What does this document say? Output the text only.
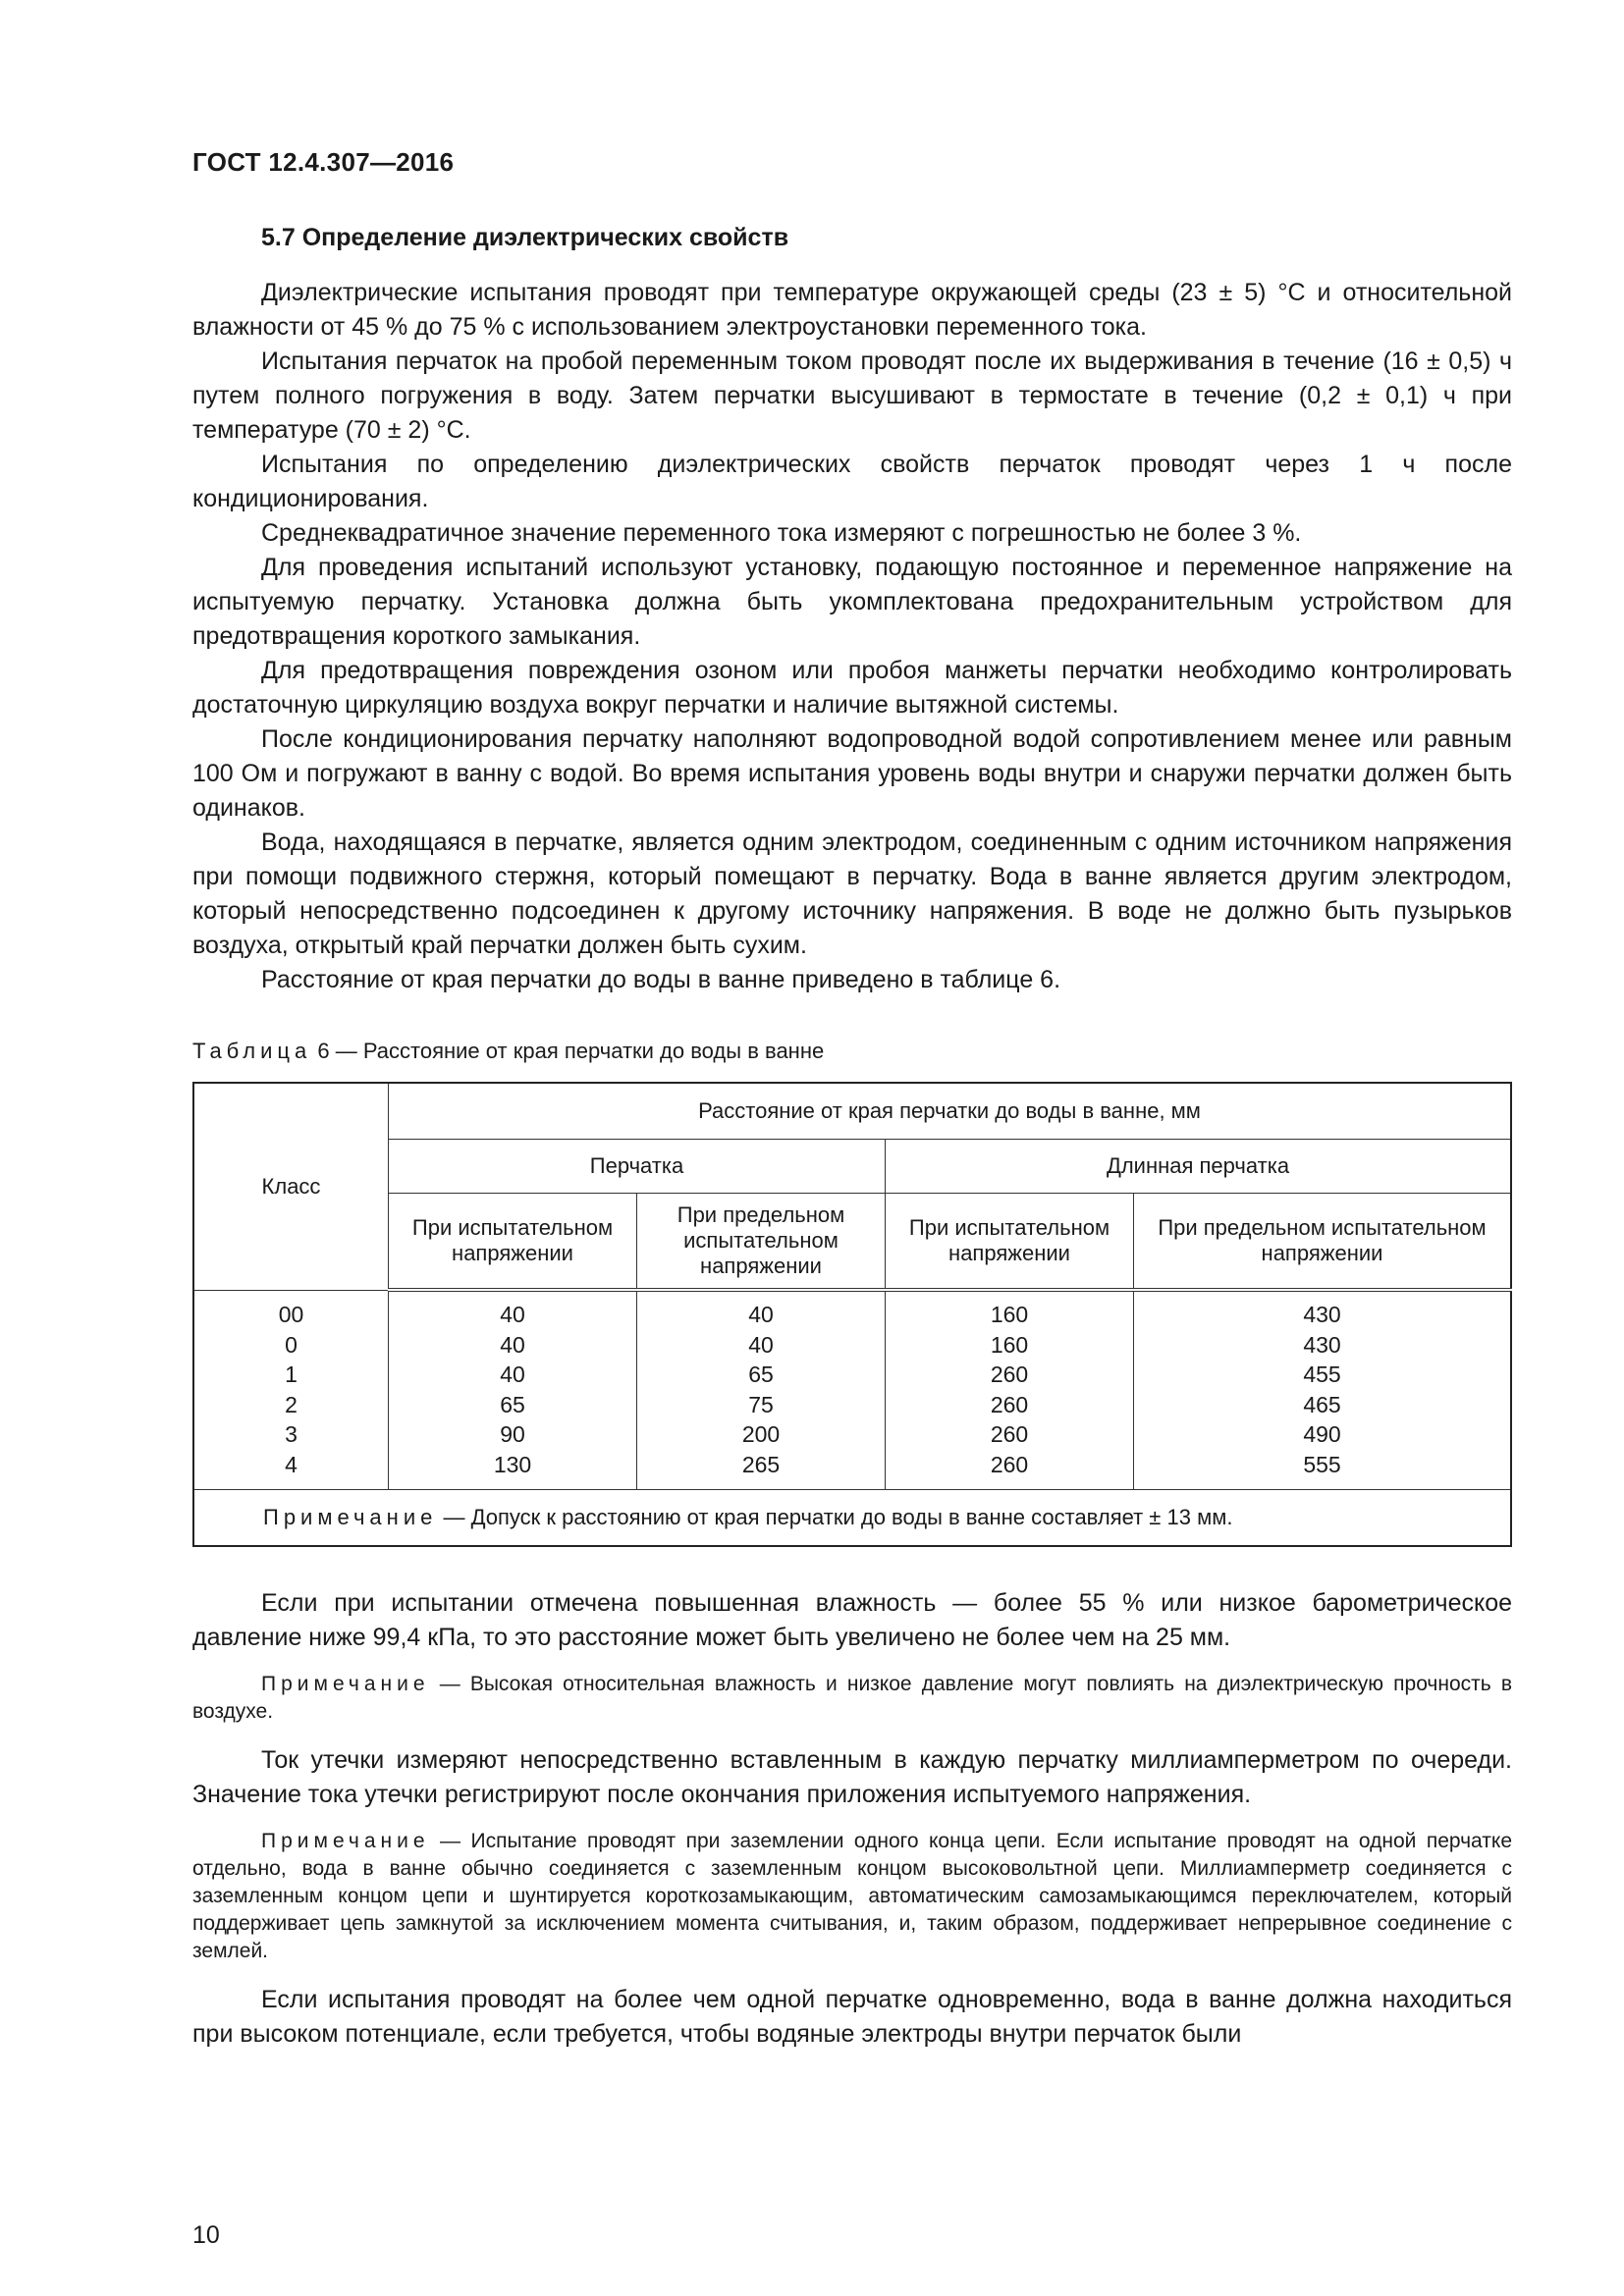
ГОСТ 12.4.307—2016
5.7 Определение диэлектрических свойств

Диэлектрические испытания проводят при температуре окружающей среды (23 ± 5) °С и относительной влажности от 45 % до 75 % с использованием электроустановки переменного тока.

Испытания перчаток на пробой переменным током проводят после их выдерживания в течение (16 ± 0,5) ч путем полного погружения в воду. Затем перчатки высушивают в термостате в течение (0,2 ± 0,1) ч при температуре (70 ± 2) °С.

Испытания по определению диэлектрических свойств перчаток проводят через 1 ч после кондиционирования.

Среднеквадратичное значение переменного тока измеряют с погрешностью не более 3 %.

Для проведения испытаний используют установку, подающую постоянное и переменное напряжение на испытуемую перчатку. Установка должна быть укомплектована предохранительным устройством для предотвращения короткого замыкания.

Для предотвращения повреждения озоном или пробоя манжеты перчатки необходимо контролировать достаточную циркуляцию воздуха вокруг перчатки и наличие вытяжной системы.

После кондиционирования перчатку наполняют водопроводной водой сопротивлением менее или равным 100 Ом и погружают в ванну с водой. Во время испытания уровень воды внутри и снаружи перчатки должен быть одинаков.

Вода, находящаяся в перчатке, является одним электродом, соединенным с одним источником напряжения при помощи подвижного стержня, который помещают в перчатку. Вода в ванне является другим электродом, который непосредственно подсоединен к другому источнику напряжения. В воде не должно быть пузырьков воздуха, открытый край перчатки должен быть сухим.

Расстояние от края перчатки до воды в ванне приведено в таблице 6.

Таблица 6 — Расстояние от края перчатки до воды в ванне
Класс	Расстояние от края перчатки до воды в ванне, мм			
	Перчатка		Длинная перчатка	
	При испытательном напряжении	При предельном испытательном напряжении	При испытательном напряжении	При предельном испытательном напряжении
00	40	40	160	430
0	40	40	160	430
1	40	65	260	455
2	65	75	260	465
3	90	200	260	490
4	130	265	260	555
Примечание — Допуск к расстоянию от края перчатки до воды в ванне составляет ± 13 мм.				

Если при испытании отмечена повышенная влажность — более 55 % или низкое барометрическое давление ниже 99,4 кПа, то это расстояние может быть увеличено не более чем на 25 мм.

Примечание — Высокая относительная влажность и низкое давление могут повлиять на диэлектрическую прочность в воздухе.

Ток утечки измеряют непосредственно вставленным в каждую перчатку миллиамперметром по очереди. Значение тока утечки регистрируют после окончания приложения испытуемого напряжения.

Примечание — Испытание проводят при заземлении одного конца цепи. Если испытание проводят на одной перчатке отдельно, вода в ванне обычно соединяется с заземленным концом высоковольтной цепи. Миллиамперметр соединяется с заземленным концом цепи и шунтируется короткозамыкающим, автоматическим самозамыкающимся переключателем, который поддерживает цепь замкнутой за исключением момента считывания, и, таким образом, поддерживает непрерывное соединение с землей.

Если испытания проводят на более чем одной перчатке одновременно, вода в ванне должна находиться при высоком потенциале, если требуется, чтобы водяные электроды внутри перчаток были

10
